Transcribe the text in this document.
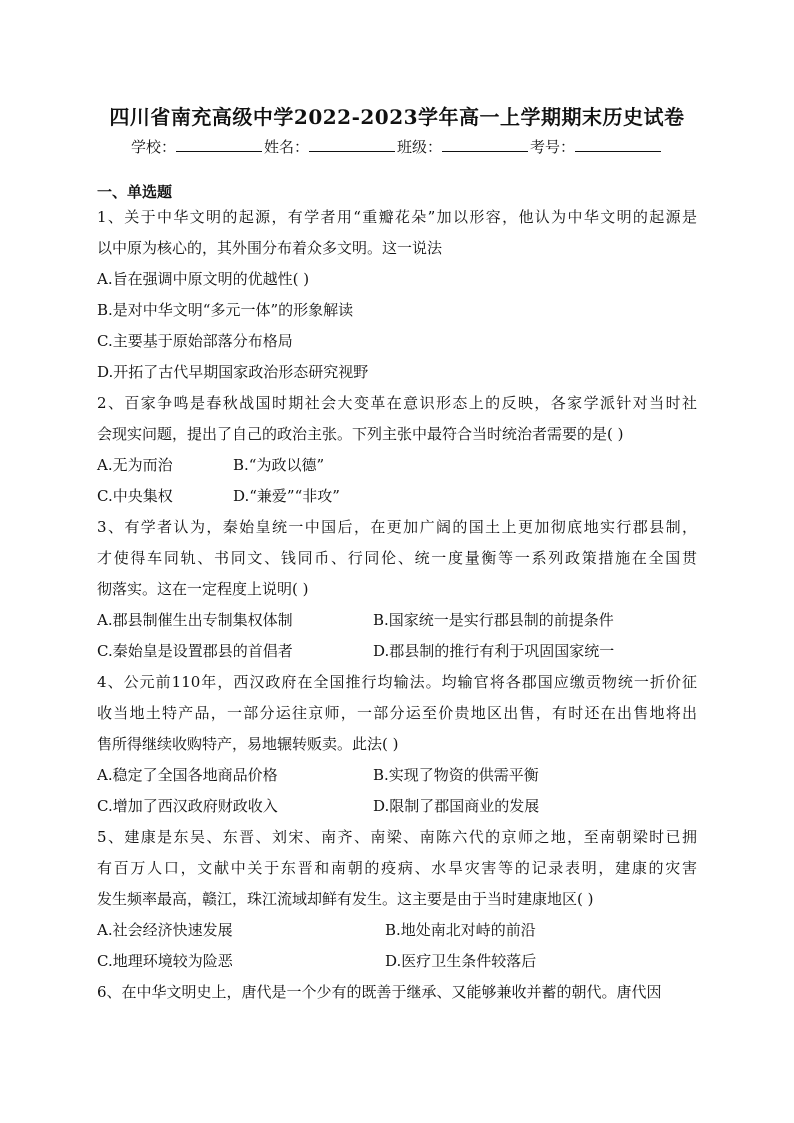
四川省南充高级中学2022-2023学年高一上学期期末历史试卷
学校：	姓名：	班级：	考号：
一、单选题
1、关于中华文明的起源，有学者用“重瓣花朵”加以形容，他认为中华文明的起源是
以中原为核心的，其外围分布着众多文明。这一说法
A.旨在强调中原文明的优越性( )
B.是对中华文明“多元一体”的形象解读
C.主要基于原始部落分布格局
D.开拓了古代早期国家政治形态研究视野
2、百家争鸣是春秋战国时期社会大变革在意识形态上的反映，各家学派针对当时社
会现实问题，提出了自己的政治主张。下列主张中最符合当时统治者需要的是( )
A.无为而治	B.“为政以德”
C.中央集权	D.“兼爱”“非攻”
3、有学者认为，秦始皇统一中国后，在更加广阔的国土上更加彻底地实行郡县制，
才使得车同轨、书同文、钱同币、行同伦、统一度量衡等一系列政策措施在全国贯
彻落实。这在一定程度上说明( )
A.郡县制催生出专制集权体制	B.国家统一是实行郡县制的前提条件
C.秦始皇是设置郡县的首倡者	D.郡县制的推行有利于巩固国家统一
4、公元前110年，西汉政府在全国推行均输法。均输官将各郡国应缴贡物统一折价征
收当地土特产品，一部分运往京师，一部分运至价贵地区出售，有时还在出售地将出
售所得继续收购特产，易地辗转贩卖。此法( )
A.稳定了全国各地商品价格	B.实现了物资的供需平衡
C.增加了西汉政府财政收入	D.限制了郡国商业的发展
5、建康是东吴、东晋、刘宋、南齐、南梁、南陈六代的京师之地，至南朝梁时已拥
有百万人口，文献中关于东晋和南朝的疫病、水旱灾害等的记录表明，建康的灾害
发生频率最高，赣江，珠江流域却鲜有发生。这主要是由于当时建康地区( )
A.社会经济快速发展	B.地处南北对峙的前沿
C.地理环境较为险恶	D.医疗卫生条件较落后
6、在中华文明史上，唐代是一个少有的既善于继承、又能够兼收并蓄的朝代。唐代因
